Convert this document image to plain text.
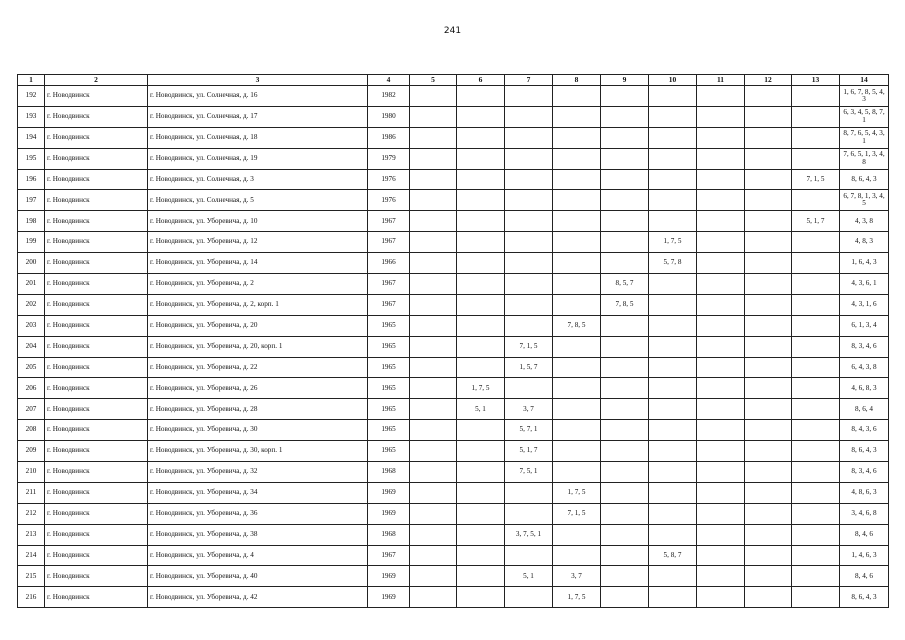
241
1	2	3	4	5	6	7	8	9	10	11	12	13	14
192	г. Новодвинск	г. Новодвинск, ул. Солнечная, д. 16	1982										1, 6, 7, 8, 5, 4, 3
193	г. Новодвинск	г. Новодвинск, ул. Солнечная, д. 17	1980										6, 3, 4, 5, 8, 7, 1
194	г. Новодвинск	г. Новодвинск, ул. Солнечная, д. 18	1986										8, 7, 6, 5, 4, 3, 1
195	г. Новодвинск	г. Новодвинск, ул. Солнечная, д. 19	1979										7, 6, 5, 1, 3, 4, 8
196	г. Новодвинск	г. Новодвинск, ул. Солнечная, д. 3	1976									7, 1, 5	8, 6, 4, 3
197	г. Новодвинск	г. Новодвинск, ул. Солнечная, д. 5	1976										6, 7, 8, 1, 3, 4, 5
198	г. Новодвинск	г. Новодвинск, ул. Уборевича, д. 10	1967									5, 1, 7	4, 3, 8
199	г. Новодвинск	г. Новодвинск, ул. Уборевича, д. 12	1967						1, 7, 5				4, 8, 3
200	г. Новодвинск	г. Новодвинск, ул. Уборевича, д. 14	1966						5, 7, 8				1, 6, 4, 3
201	г. Новодвинск	г. Новодвинск, ул. Уборевича, д. 2	1967					8, 5, 7					4, 3, 6, 1
202	г. Новодвинск	г. Новодвинск, ул. Уборевича, д. 2, корп. 1	1967					7, 8, 5					4, 3, 1, 6
203	г. Новодвинск	г. Новодвинск, ул. Уборевича, д. 20	1965				7, 8, 5						6, 1, 3, 4
204	г. Новодвинск	г. Новодвинск, ул. Уборевича, д. 20, корп. 1	1965			7, 1, 5							8, 3, 4, 6
205	г. Новодвинск	г. Новодвинск, ул. Уборевича, д. 22	1965			1, 5, 7							6, 4, 3, 8
206	г. Новодвинск	г. Новодвинск, ул. Уборевича, д. 26	1965		1, 7, 5								4, 6, 8, 3
207	г. Новодвинск	г. Новодвинск, ул. Уборевича, д. 28	1965		5, 1	3, 7							8, 6, 4
208	г. Новодвинск	г. Новодвинск, ул. Уборевича, д. 30	1965			5, 7, 1							8, 4, 3, 6
209	г. Новодвинск	г. Новодвинск, ул. Уборевича, д. 30, корп. 1	1965			5, 1, 7							8, 6, 4, 3
210	г. Новодвинск	г. Новодвинск, ул. Уборевича, д. 32	1968			7, 5, 1							8, 3, 4, 6
211	г. Новодвинск	г. Новодвинск, ул. Уборевича, д. 34	1969				1, 7, 5						4, 8, 6, 3
212	г. Новодвинск	г. Новодвинск, ул. Уборевича, д. 36	1969				7, 1, 5						3, 4, 6, 8
213	г. Новодвинск	г. Новодвинск, ул. Уборевича, д. 38	1968			3, 7, 5, 1							8, 4, 6
214	г. Новодвинск	г. Новодвинск, ул. Уборевича, д. 4	1967						5, 8, 7				1, 4, 6, 3
215	г. Новодвинск	г. Новодвинск, ул. Уборевича, д. 40	1969			5, 1	3, 7						8, 4, 6
216	г. Новодвинск	г. Новодвинск, ул. Уборевича, д. 42	1969				1, 7, 5						8, 6, 4, 3
